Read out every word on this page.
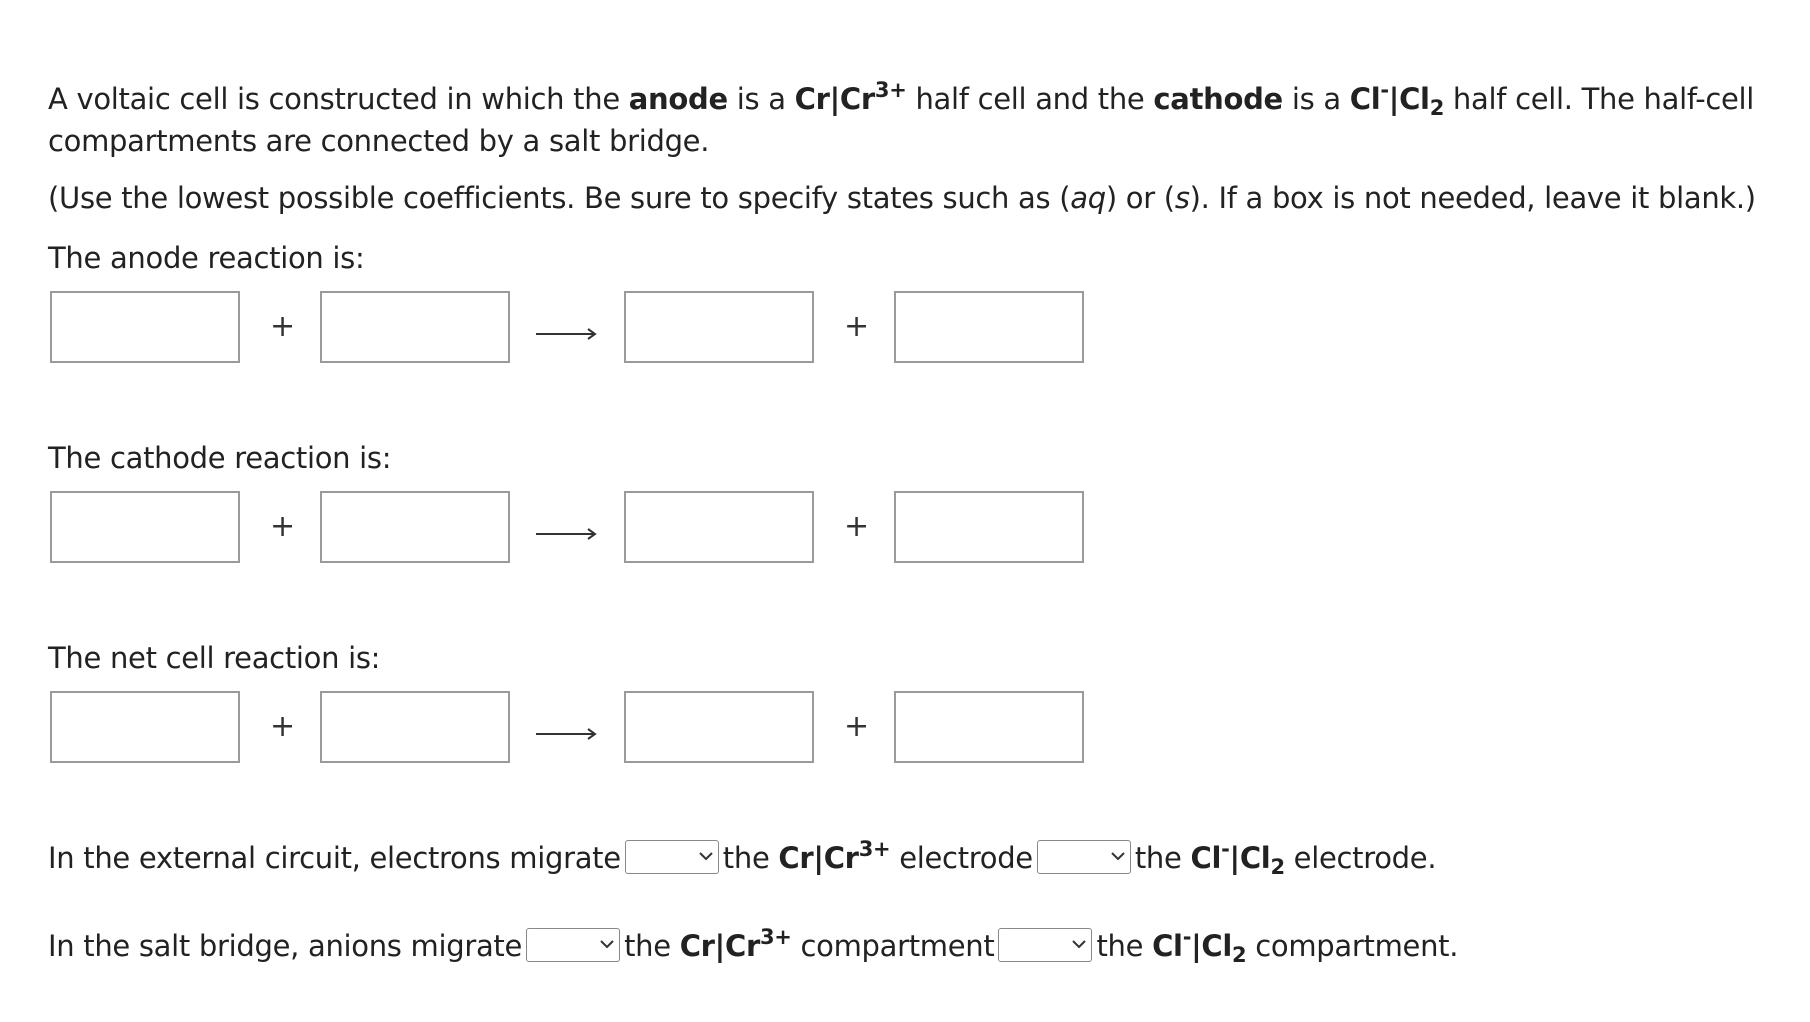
A voltaic cell is constructed in which the anode is a $Cr|Cr^{3+}$ half cell and the cathode is a $Cl^-|Cl_2$ half cell. The half-cell compartments are connected by a salt bridge.

(Use the lowest possible coefficients. Be sure to specify states such as (aq) or (s). If a box is not needed, leave it blank.)

The anode reaction is:

+	+

The cathode reaction is:

+	+

The net cell reaction is:

+	+
In the external circuit, electrons migrate	the $Cr|Cr^{3+}$ electrode	the $Cl^-|Cl_2$ electrode.
In the salt bridge, anions migrate	the $Cr|Cr^{3+}$ compartment	the $Cl^-|Cl_2$ compartment.
